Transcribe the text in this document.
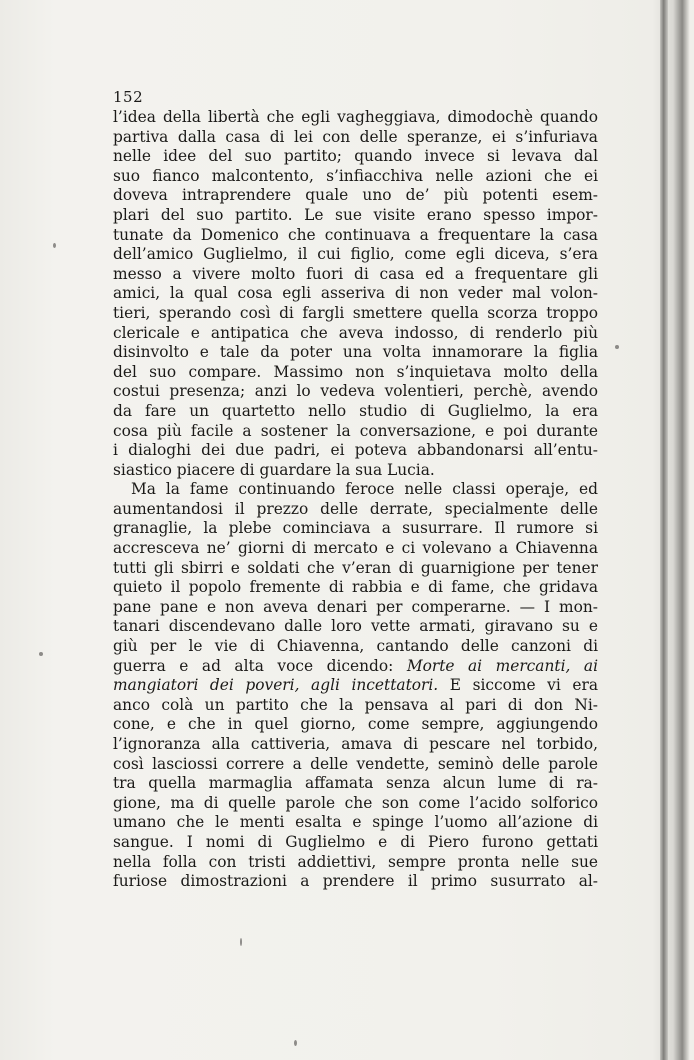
152
l’idea della libertà che egli vagheggiava, dimodochè quando
partiva dalla casa di lei con delle speranze, ei s’infuriava
nelle idee del suo partito; quando invece si levava dal
suo fianco malcontento, s’infiacchiva nelle azioni che ei
doveva intraprendere quale uno de’ più potenti esem-
plari del suo partito. Le sue visite erano spesso impor-
tunate da Domenico che continuava a frequentare la casa
dell’amico Guglielmo, il cui figlio, come egli diceva, s’era
messo a vivere molto fuori di casa ed a frequentare gli
amici, la qual cosa egli asseriva di non veder mal volon-
tieri, sperando così di fargli smettere quella scorza troppo
clericale e antipatica che aveva indosso, di renderlo più
disinvolto e tale da poter una volta innamorare la figlia
del suo compare. Massimo non s’inquietava molto della
costui presenza; anzi lo vedeva volentieri, perchè, avendo
da fare un quartetto nello studio di Guglielmo, la era
cosa più facile a sostener la conversazione, e poi durante
i dialoghi dei due padri, ei poteva abbandonarsi all’entu-
siastico piacere di guardare la sua Lucia.
Ma la fame continuando feroce nelle classi operaje, ed
aumentandosi il prezzo delle derrate, specialmente delle
granaglie, la plebe cominciava a susurrare. Il rumore si
accresceva ne’ giorni di mercato e ci volevano a Chiavenna
tutti gli sbirri e soldati che v’eran di guarnigione per tener
quieto il popolo fremente di rabbia e di fame, che gridava
pane pane e non aveva denari per comperarne. — I mon-
tanari discendevano dalle loro vette armati, giravano su e
giù per le vie di Chiavenna, cantando delle canzoni di
guerra e ad alta voce dicendo: Morte ai mercanti, ai
mangiatori dei poveri, agli incettatori. E siccome vi era
anco colà un partito che la pensava al pari di don Ni-
cone, e che in quel giorno, come sempre, aggiungendo
l’ignoranza alla cattiveria, amava di pescare nel torbido,
così lasciossi correre a delle vendette, seminò delle parole
tra quella marmaglia affamata senza alcun lume di ra-
gione, ma di quelle parole che son come l’acido solforico
umano che le menti esalta e spinge l’uomo all’azione di
sangue. I nomi di Guglielmo e di Piero furono gettati
nella folla con tristi addiettivi, sempre pronta nelle sue
furiose dimostrazioni a prendere il primo susurrato al-
